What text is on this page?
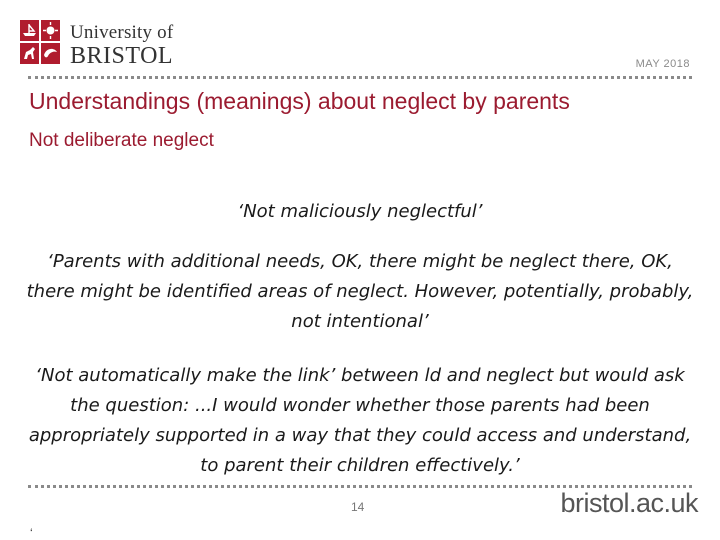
University of
BRISTOL	MAY 2018
Understandings (meanings) about neglect by parents
Not deliberate neglect
‘Not maliciously neglectful’
‘Parents with additional needs, OK, there might be neglect there, OK, there might be identified areas of neglect. However, potentially, probably, not intentional’
‘Not automatically make the link’ between ld and neglect but would ask the question: ...I would wonder whether those parents had been appropriately supported in a way that they could access and understand, to parent their children effectively.’
14	bristol.ac.uk
‘
